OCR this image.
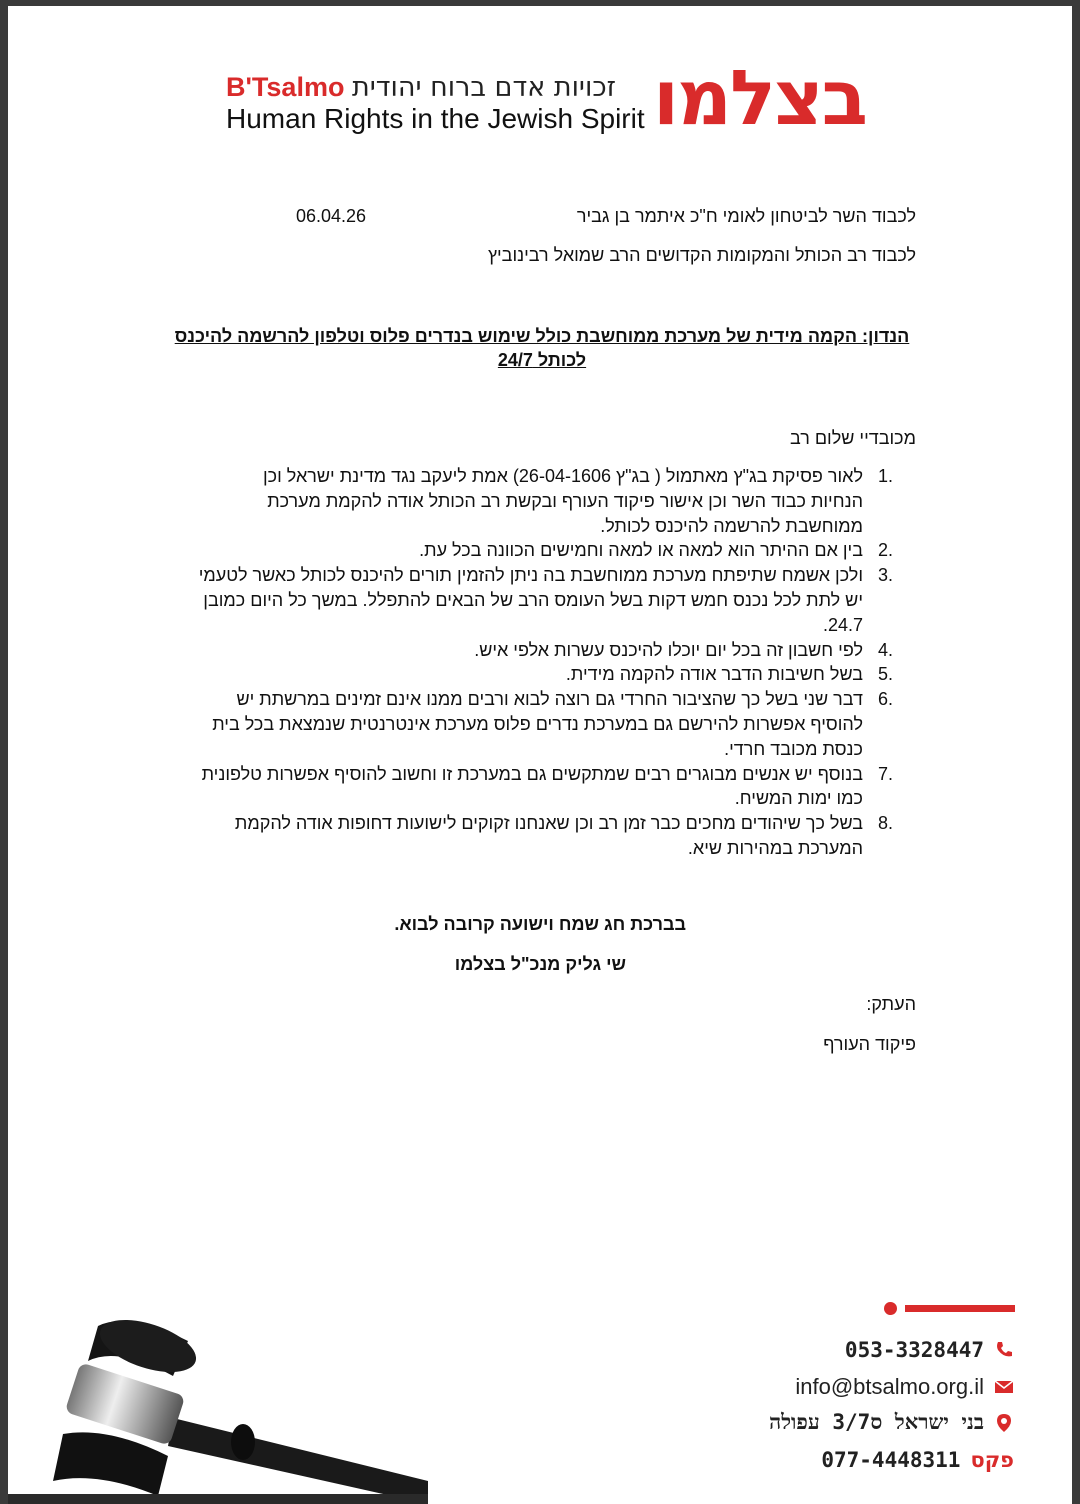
בצלמו
B'Tsalmo זכויות אדם ברוח יהודית
Human Rights in the Jewish Spirit
לכבוד השר לביטחון לאומי ח"כ איתמר בן גביר
06.04.26
לכבוד רב הכותל והמקומות הקדושים הרב שמואל רבינוביץ
הנדון: הקמה מידית של מערכת ממוחשבת כולל שימוש בנדרים פלוס וטלפון להרשמה להיכנס
לכותל 24/7
מכובדיי שלום רב
1.
לאור פסיקת בג"ץ מאתמול ( בג"ץ 26-04-1606) אמת ליעקב נגד מדינת ישראל וכן
הנחיות כבוד השר וכן אישור פיקוד העורף ובקשת רב הכותל אודה להקמת מערכת
ממוחשבת להרשמה להיכנס לכותל.
2.
בין אם ההיתר הוא למאה או למאה וחמישים הכוונה בכל עת.
3.
ולכן אשמח שתיפתח מערכת ממוחשבת בה ניתן להזמין תורים להיכנס לכותל כאשר לטעמי
יש לתת לכל נכנס חמש דקות בשל העומס הרב של הבאים להתפלל. במשך כל היום כמובן
24.7.
4.
לפי חשבון זה בכל יום יוכלו להיכנס עשרות אלפי איש.
5.
בשל חשיבות הדבר אודה להקמה מידית.
6.
דבר שני בשל כך שהציבור החרדי גם רוצה לבוא ורבים ממנו אינם זמינים במרשתת יש
להוסיף אפשרות להירשם גם במערכת נדרים פלוס מערכת אינטרנטית שנמצאת בכל בית
כנסת מכובד חרדי.
7.
בנוסף יש אנשים מבוגרים רבים שמתקשים גם במערכת זו וחשוב להוסיף אפשרות טלפונית
כמו ימות המשיח.
8.
בשל כך שיהודים מחכים כבר זמן רב וכן שאנחנו זקוקים לישועות דחופות אודה להקמת
המערכת במהירות שיא.
בברכת חג שמח וישועה קרובה לבוא.
שי גליק מנכ"ל בצלמו
העתק:
פיקוד העורף
053-3328447
info@btsalmo.org.il
בני ישראל ס3/7 עפולה
077-4448311 פקס
